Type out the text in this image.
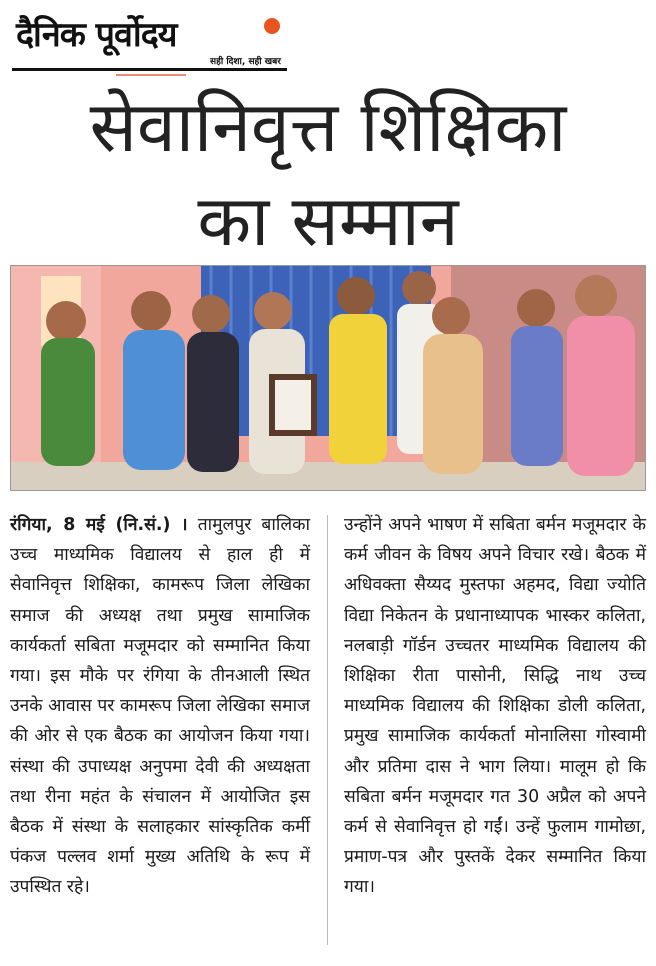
दैनिक पूर्वोदय
सही दिशा, सही खबर
सेवानिवृत्त शिक्षिका
का सम्मान
रंगिया, 8 मई (नि.सं.) । तामुलपुर बालिका उच्च माध्यमिक विद्यालय से हाल ही में सेवानिवृत्त शिक्षिका, कामरूप जिला लेखिका समाज की अध्यक्ष तथा प्रमुख सामाजिक कार्यकर्ता सबिता मजूमदार को सम्मानित किया गया। इस मौके पर रंगिया के तीनआली स्थित उनके आवास पर कामरूप जिला लेखिका समाज की ओर से एक बैठक का आयोजन किया गया। संस्था की उपाध्यक्ष अनुपमा देवी की अध्यक्षता तथा रीना महंत के संचालन में आयोजित इस बैठक में संस्था के सलाहकार सांस्कृतिक कर्मी पंकज पल्लव शर्मा मुख्य अतिथि के रूप में उपस्थित रहे।
उन्होंने अपने भाषण में सबिता बर्मन मजूमदार के कर्म जीवन के विषय अपने विचार रखे। बैठक में अधिवक्ता सैय्यद मुस्तफा अहमद, विद्या ज्योति विद्या निकेतन के प्रधानाध्यापक भास्कर कलिता, नलबाड़ी गॉर्डन उच्चतर माध्यमिक विद्यालय की शिक्षिका रीता पासोनी, सिद्धि नाथ उच्च माध्यमिक विद्यालय की शिक्षिका डोली कलिता, प्रमुख सामाजिक कार्यकर्ता मोनालिसा गोस्वामी और प्रतिमा दास ने भाग लिया। मालूम हो कि सबिता बर्मन मजूमदार गत 30 अप्रैल को अपने कर्म से सेवानिवृत्त हो गईं। उन्हें फुलाम गामोछा, प्रमाण-पत्र और पुस्तकें देकर सम्मानित किया गया।
